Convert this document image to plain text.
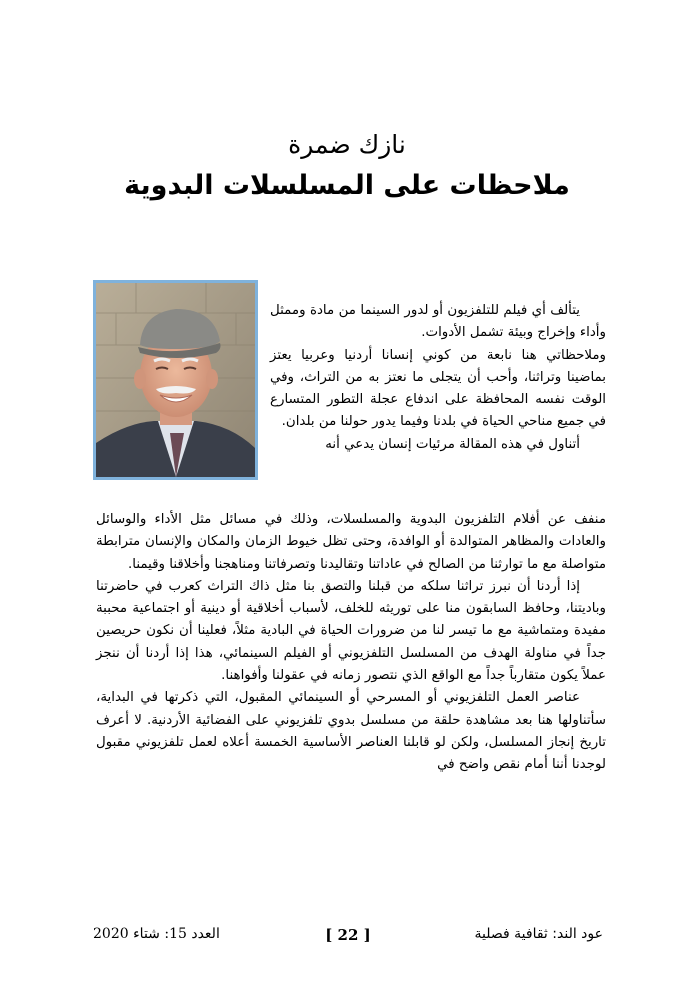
نازك ضمرة
ملاحظات على المسلسلات البدوية

يتألف أي فيلم للتلفزيون أو لدور السينما من مادة وممثل وأداء وإخراج وبيئة تشمل الأدوات.

وملاحظاتي هنا نابعة من كوني إنسانا أردنيا وعربيا يعتز بماضينا وتراثنا، وأحب أن يتجلى ما نعتز به من التراث، وفي الوقت نفسه المحافظة على اندفاع عجلة التطور المتسارع في جميع مناحي الحياة في بلدنا وفيما يدور حولنا من بلدان.

أتناول في هذه المقالة مرئيات إنسان يدعي أنه

منفف عن أفلام التلفزيون البدوية والمسلسلات، وذلك في مسائل مثل الأداء والوسائل والعادات والمظاهر المتوالدة أو الوافدة، وحتى تظل خيوط الزمان والمكان والإنسان مترابطة متواصلة مع ما توارثنا من الصالح في عاداتنا وتقاليدنا وتصرفاتنا ومناهجنا وأخلاقنا وقيمنا.

إذا أردنا أن نبرز تراثنا سلكه من قبلنا والتصق بنا مثل ذاك التراث كعرب في حاضرتنا وباديتنا، وحافظ السابقون منا على توريثه للخلف، لأسباب أخلاقية أو دينية أو اجتماعية محببة مفيدة ومتماشية مع ما تيسر لنا من ضرورات الحياة في البادية مثلاً، فعلينا أن نكون حريصين جداً في مناولة الهدف من المسلسل التلفزيوني أو الفيلم السينمائي، هذا إذا أردنا أن ننجز عملاً يكون متقارباً جداً مع الواقع الذي نتصور زمانه في عقولنا وأفواهنا.

عناصر العمل التلفزيوني أو المسرحي أو السينمائي المقبول، التي ذكرتها في البداية، سأتناولها هنا بعد مشاهدة حلقة من مسلسل بدوي تلفزيوني على الفضائية الأردنية. لا أعرف تاريخ إنجاز المسلسل، ولكن لو قابلنا العناصر الأساسية الخمسة أعلاه لعمل تلفزيوني مقبول لوجدنا أننا أمام نقص واضح في

عود الند: ثقافية فصلية
[ 22 ]
العدد 15: شتاء 2020
